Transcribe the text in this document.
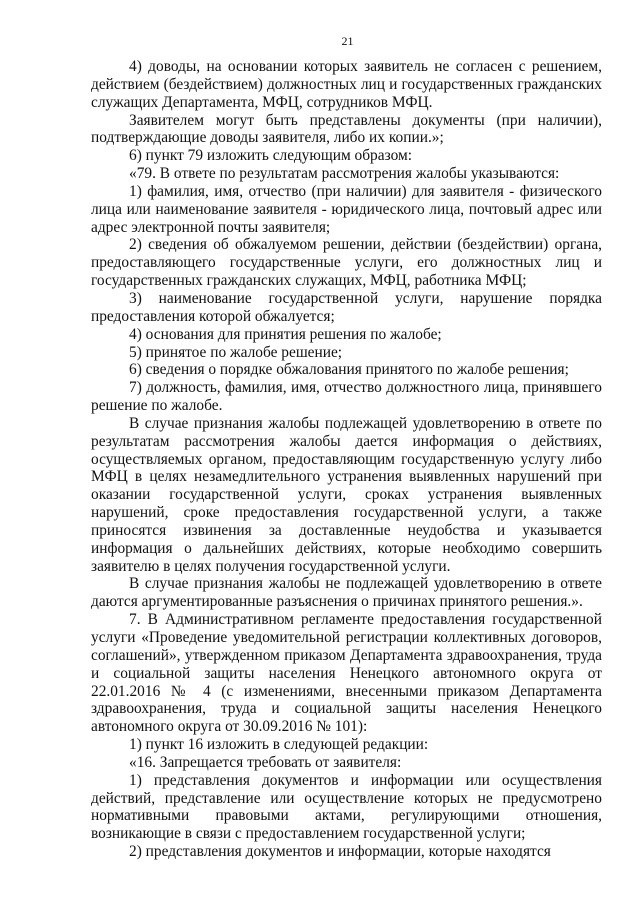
21

4) доводы, на основании которых заявитель не согласен с решением, действием (бездействием) должностных лиц и государственных гражданских служащих Департамента, МФЦ, сотрудников МФЦ.

Заявителем могут быть представлены документы (при наличии), подтверждающие доводы заявителя, либо их копии.»;

6) пункт 79 изложить следующим образом:

«79. В ответе по результатам рассмотрения жалобы указываются:

1) фамилия, имя, отчество (при наличии) для заявителя - физического лица или наименование заявителя - юридического лица, почтовый адрес или адрес электронной почты заявителя;

2) сведения об обжалуемом решении, действии (бездействии) органа, предоставляющего государственные услуги, его должностных лиц и государственных гражданских служащих, МФЦ, работника МФЦ;

3) наименование государственной услуги, нарушение порядка предоставления которой обжалуется;

4) основания для принятия решения по жалобе;

5) принятое по жалобе решение;

6) сведения о порядке обжалования принятого по жалобе решения;

7) должность, фамилия, имя, отчество должностного лица, принявшего решение по жалобе.

В случае признания жалобы подлежащей удовлетворению в ответе по результатам рассмотрения жалобы дается информация о действиях, осуществляемых органом, предоставляющим государственную услугу либо МФЦ в целях незамедлительного устранения выявленных нарушений при оказании государственной услуги, сроках устранения выявленных нарушений, сроке предоставления государственной услуги, а также приносятся извинения за доставленные неудобства и указывается информация о дальнейших действиях, которые необходимо совершить заявителю в целях получения государственной услуги.

В случае признания жалобы не подлежащей удовлетворению в ответе даются аргументированные разъяснения о причинах принятого решения.».

7. В Административном регламенте предоставления государственной услуги «Проведение уведомительной регистрации коллективных договоров, соглашений», утвержденном приказом Департамента здравоохранения, труда и социальной защиты населения Ненецкого автономного округа от 22.01.2016 № 4 (с изменениями, внесенными приказом Департамента здравоохранения, труда и социальной защиты населения Ненецкого автономного округа от 30.09.2016 № 101):

1) пункт 16 изложить в следующей редакции:

«16. Запрещается требовать от заявителя:

1) представления документов и информации или осуществления действий, представление или осуществление которых не предусмотрено нормативными правовыми актами, регулирующими отношения, возникающие в связи с предоставлением государственной услуги;

2) представления документов и информации, которые находятся
